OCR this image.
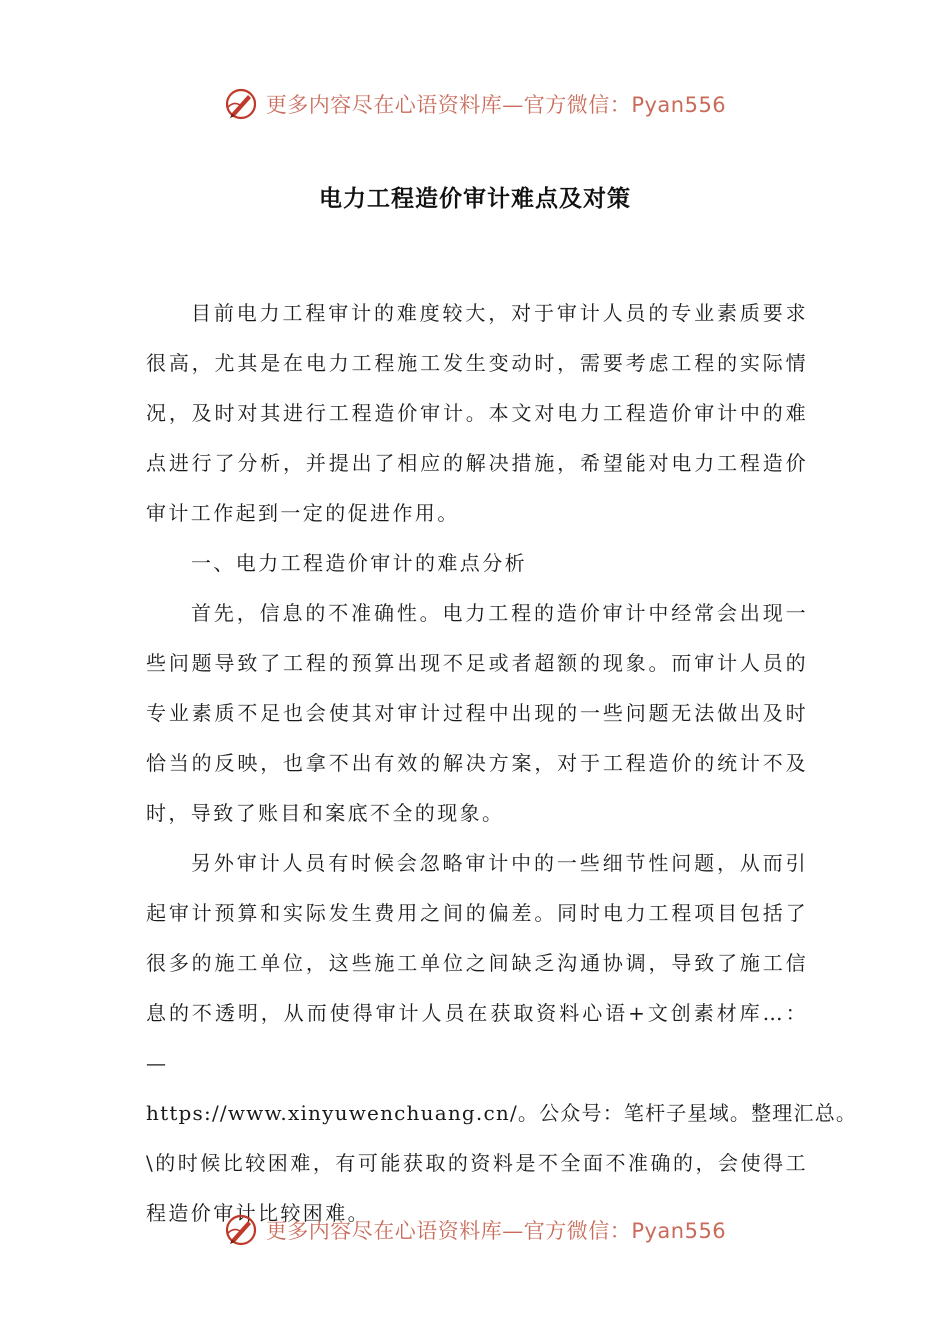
更多内容尽在心语资料库—官方微信：Pyan556
电力工程造价审计难点及对策

目前电力工程审计的难度较大，对于审计人员的专业素质要求很高，尤其是在电力工程施工发生变动时，需要考虑工程的实际情况，及时对其进行工程造价审计。本文对电力工程造价审计中的难点进行了分析，并提出了相应的解决措施，希望能对电力工程造价审计工作起到一定的促进作用。

一、电力工程造价审计的难点分析

首先，信息的不准确性。电力工程的造价审计中经常会出现一些问题导致了工程的预算出现不足或者超额的现象。而审计人员的专业素质不足也会使其对审计过程中出现的一些问题无法做出及时恰当的反映，也拿不出有效的解决方案，对于工程造价的统计不及时，导致了账目和案底不全的现象。

另外审计人员有时候会忽略审计中的一些细节性问题，从而引起审计预算和实际发生费用之间的偏差。同时电力工程项目包括了很多的施工单位，这些施工单位之间缺乏沟通协调，导致了施工信息的不透明，从而使得审计人员在获取资料心语+文创素材库…：—

https://www.xinyuwenchuang.cn/。公众号：笔杆子星域。整理汇总。

\的时候比较困难，有可能获取的资料是不全面不准确的，会使得工程造价审计比较困难。

更多内容尽在心语资料库—官方微信：Pyan556
